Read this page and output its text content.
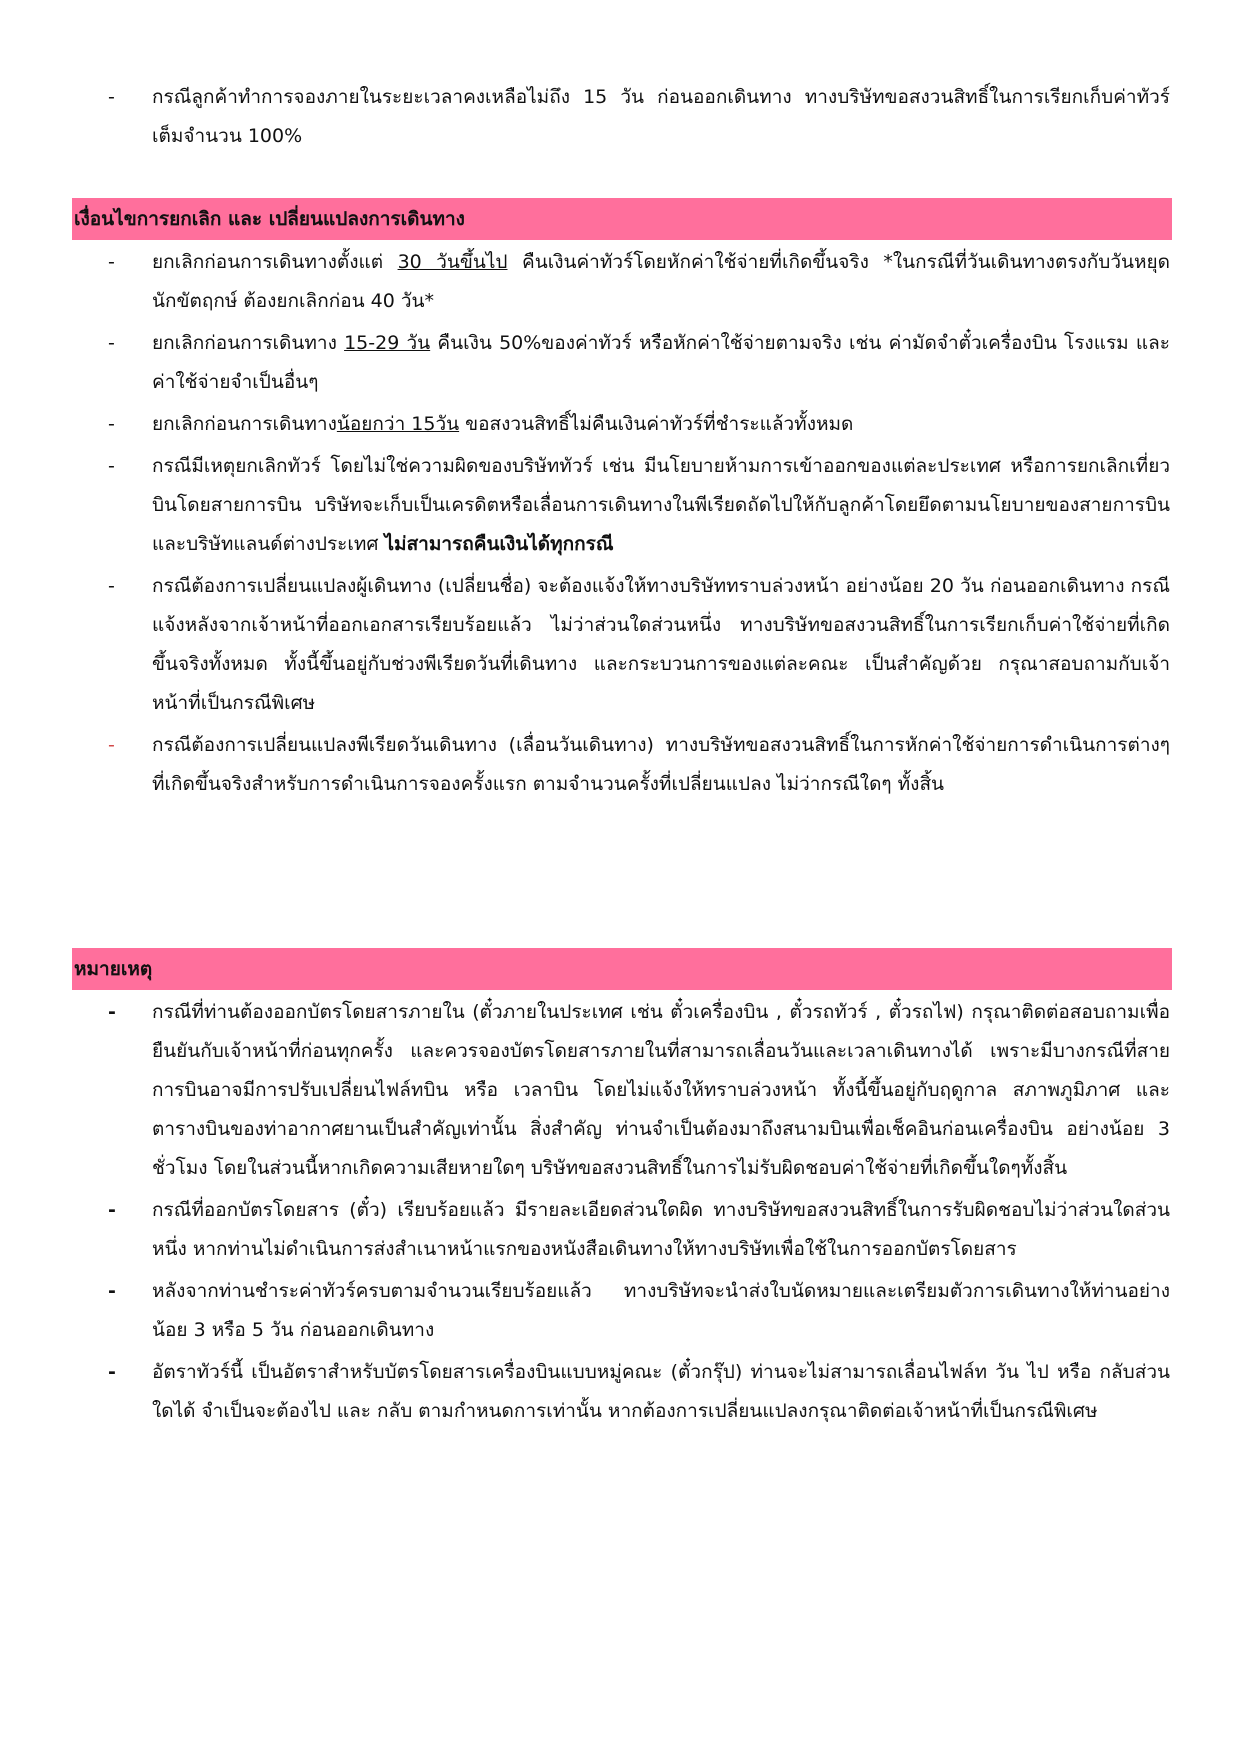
-	กรณีลูกค้าทำการจองภายในระยะเวลาคงเหลือไม่ถึง 15 วัน ก่อนออกเดินทาง ทางบริษัทขอสงวนสิทธิ์ในการเรียกเก็บค่าทัวร์เต็มจำนวน 100%
เงื่อนไขการยกเลิก และ เปลี่ยนแปลงการเดินทาง
-	ยกเลิกก่อนการเดินทางตั้งแต่ 30 วันขึ้นไป คืนเงินค่าทัวร์โดยหักค่าใช้จ่ายที่เกิดขึ้นจริง *ในกรณีที่วันเดินทางตรงกับวันหยุดนักขัตฤกษ์ ต้องยกเลิกก่อน 40 วัน*
-	ยกเลิกก่อนการเดินทาง 15-29 วัน คืนเงิน 50%ของค่าทัวร์ หรือหักค่าใช้จ่ายตามจริง เช่น ค่ามัดจำตั๋วเครื่องบิน โรงแรม และค่าใช้จ่ายจำเป็นอื่นๆ
-	ยกเลิกก่อนการเดินทางน้อยกว่า 15วัน ขอสงวนสิทธิ์ไม่คืนเงินค่าทัวร์ที่ชำระแล้วทั้งหมด
-	กรณีมีเหตุยกเลิกทัวร์ โดยไม่ใช่ความผิดของบริษัททัวร์ เช่น มีนโยบายห้ามการเข้าออกของแต่ละประเทศ หรือการยกเลิกเที่ยวบินโดยสายการบิน บริษัทจะเก็บเป็นเครดิตหรือเลื่อนการเดินทางในพีเรียดถัดไปให้กับลูกค้าโดยยึดตามนโยบายของสายการบินและบริษัทแลนด์ต่างประเทศ ไม่สามารถคืนเงินได้ทุกกรณี
-	กรณีต้องการเปลี่ยนแปลงผู้เดินทาง (เปลี่ยนชื่อ) จะต้องแจ้งให้ทางบริษัททราบล่วงหน้า อย่างน้อย 20 วัน ก่อนออกเดินทาง กรณีแจ้งหลังจากเจ้าหน้าที่ออกเอกสารเรียบร้อยแล้ว ไม่ว่าส่วนใดส่วนหนึ่ง ทางบริษัทขอสงวนสิทธิ์ในการเรียกเก็บค่าใช้จ่ายที่เกิดขึ้นจริงทั้งหมด ทั้งนี้ขึ้นอยู่กับช่วงพีเรียดวันที่เดินทาง และกระบวนการของแต่ละคณะ เป็นสำคัญด้วย กรุณาสอบถามกับเจ้าหน้าที่เป็นกรณีพิเศษ
-	กรณีต้องการเปลี่ยนแปลงพีเรียดวันเดินทาง (เลื่อนวันเดินทาง) ทางบริษัทขอสงวนสิทธิ์ในการหักค่าใช้จ่ายการดำเนินการต่างๆ ที่เกิดขึ้นจริงสำหรับการดำเนินการจองครั้งแรก ตามจำนวนครั้งที่เปลี่ยนแปลง ไม่ว่ากรณีใดๆ ทั้งสิ้น
หมายเหตุ
-	กรณีที่ท่านต้องออกบัตรโดยสารภายใน (ตั๋วภายในประเทศ เช่น ตั๋วเครื่องบิน , ตั๋วรถทัวร์ , ตั๋วรถไฟ) กรุณาติดต่อสอบถามเพื่อยืนยันกับเจ้าหน้าที่ก่อนทุกครั้ง และควรจองบัตรโดยสารภายในที่สามารถเลื่อนวันและเวลาเดินทางได้ เพราะมีบางกรณีที่สายการบินอาจมีการปรับเปลี่ยนไฟล์ทบิน หรือ เวลาบิน โดยไม่แจ้งให้ทราบล่วงหน้า ทั้งนี้ขึ้นอยู่กับฤดูกาล สภาพภูมิภาศ และ ตารางบินของท่าอากาศยานเป็นสำคัญเท่านั้น สิ่งสำคัญ ท่านจำเป็นต้องมาถึงสนามบินเพื่อเช็คอินก่อนเครื่องบิน อย่างน้อย 3 ชั่วโมง โดยในส่วนนี้หากเกิดความเสียหายใดๆ บริษัทขอสงวนสิทธิ์ในการไม่รับผิดชอบค่าใช้จ่ายที่เกิดขึ้นใดๆทั้งสิ้น
-	กรณีที่ออกบัตรโดยสาร (ตั๋ว) เรียบร้อยแล้ว มีรายละเอียดส่วนใดผิด ทางบริษัทขอสงวนสิทธิ์ในการรับผิดชอบไม่ว่าส่วนใดส่วนหนึ่ง หากท่านไม่ดำเนินการส่งสำเนาหน้าแรกของหนังสือเดินทางให้ทางบริษัทเพื่อใช้ในการออกบัตรโดยสาร
-	หลังจากท่านชำระค่าทัวร์ครบตามจำนวนเรียบร้อยแล้ว ทางบริษัทจะนำส่งใบนัดหมายและเตรียมตัวการเดินทางให้ท่านอย่างน้อย 3 หรือ 5 วัน ก่อนออกเดินทาง
-	อัตราทัวร์นี้ เป็นอัตราสำหรับบัตรโดยสารเครื่องบินแบบหมู่คณะ (ตั๋วกรุ๊ป) ท่านจะไม่สามารถเลื่อนไฟล์ท วัน ไป หรือ กลับส่วนใดได้ จำเป็นจะต้องไป และ กลับ ตามกำหนดการเท่านั้น หากต้องการเปลี่ยนแปลงกรุณาติดต่อเจ้าหน้าที่เป็นกรณีพิเศษ
